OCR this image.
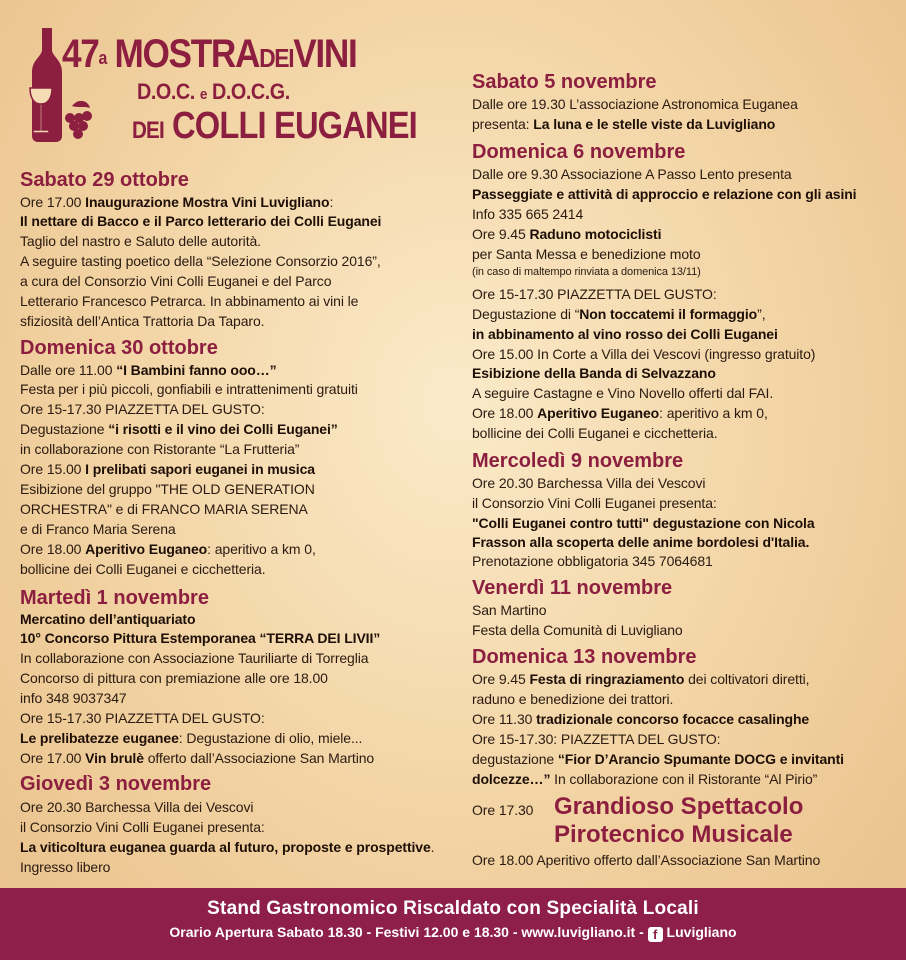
47$^a$ MOSTRADEIVINI
D.O.C. e D.O.C.G.
DEI COLLI EUGANEI
Sabato 29 ottobre
Ore 17.00 Inaugurazione Mostra Vini Luvigliano:
Il nettare di Bacco e il Parco letterario dei Colli Euganei
Taglio del nastro e Saluto delle autorità.
A seguire tasting poetico della “Selezione Consorzio 2016”,
a cura del Consorzio Vini Colli Euganei e del Parco
Letterario Francesco Petrarca. In abbinamento ai vini le
sfiziosità dell’Antica Trattoria Da Taparo.
Domenica 30 ottobre
Dalle ore 11.00 “I Bambini fanno ooo…”
Festa per i più piccoli, gonfiabili e intrattenimenti gratuiti
Ore 15-17.30 PIAZZETTA DEL GUSTO:
Degustazione “i risotti e il vino dei Colli Euganei”
in collaborazione con Ristorante “La Frutteria”
Ore 15.00 I prelibati sapori euganei in musica
Esibizione del gruppo "THE OLD GENERATION
ORCHESTRA" e di FRANCO MARIA SERENA
e di Franco Maria Serena
Ore 18.00 Aperitivo Euganeo: aperitivo a km 0,
bollicine dei Colli Euganei e cicchetteria.
Martedì 1 novembre
Mercatino dell’antiquariato
10° Concorso Pittura Estemporanea “TERRA DEI LIVII”
In collaborazione con Associazione Tauriliarte di Torreglia
Concorso di pittura con premiazione alle ore 18.00
info 348 9037347
Ore 15-17.30 PIAZZETTA DEL GUSTO:
Le prelibatezze euganee: Degustazione di olio, miele...
Ore 17.00 Vin brulè offerto dall’Associazione San Martino
Giovedì 3 novembre
Ore 20.30 Barchessa Villa dei Vescovi
il Consorzio Vini Colli Euganei presenta:
La viticoltura euganea guarda al futuro, proposte e prospettive.
Ingresso libero
Sabato 5 novembre
Dalle ore 19.30 L’associazione Astronomica Euganea
presenta: La luna e le stelle viste da Luvigliano
Domenica 6 novembre
Dalle ore 9.30 Associazione A Passo Lento presenta
Passeggiate e attività di approccio e relazione con gli asini
Info 335 665 2414
Ore 9.45 Raduno motociclisti
per Santa Messa e benedizione moto
(in caso di maltempo rinviata a domenica 13/11)
Ore 15-17.30 PIAZZETTA DEL GUSTO:
Degustazione di “Non toccatemi il formaggio”,
in abbinamento al vino rosso dei Colli Euganei
Ore 15.00 In Corte a Villa dei Vescovi (ingresso gratuito)
Esibizione della Banda di Selvazzano
A seguire Castagne e Vino Novello offerti dal FAI.
Ore 18.00 Aperitivo Euganeo: aperitivo a km 0,
bollicine dei Colli Euganei e cicchetteria.
Mercoledì 9 novembre
Ore 20.30 Barchessa Villa dei Vescovi
il Consorzio Vini Colli Euganei presenta:
"Colli Euganei contro tutti" degustazione con Nicola
Frasson alla scoperta delle anime bordolesi d'Italia.
Prenotazione obbligatoria 345 7064681
Venerdì 11 novembre
San Martino
Festa della Comunità di Luvigliano
Domenica 13 novembre
Ore 9.45 Festa di ringraziamento dei coltivatori diretti,
raduno e benedizione dei trattori.
Ore 11.30 tradizionale concorso focacce casalinghe
Ore 15-17.30: PIAZZETTA DEL GUSTO:
degustazione “Fior D’Arancio Spumante DOCG e invitanti
dolcezze…” In collaborazione con il Ristorante “Al Pirio”
Ore 17.30 Grandioso Spettacolo
Pirotecnico Musicale
Ore 18.00 Aperitivo offerto dall’Associazione San Martino
Stand Gastronomico Riscaldato con Specialità Locali
Orario Apertura Sabato 18.30 - Festivi 12.00 e 18.30 - www.luvigliano.it - f Luvigliano
